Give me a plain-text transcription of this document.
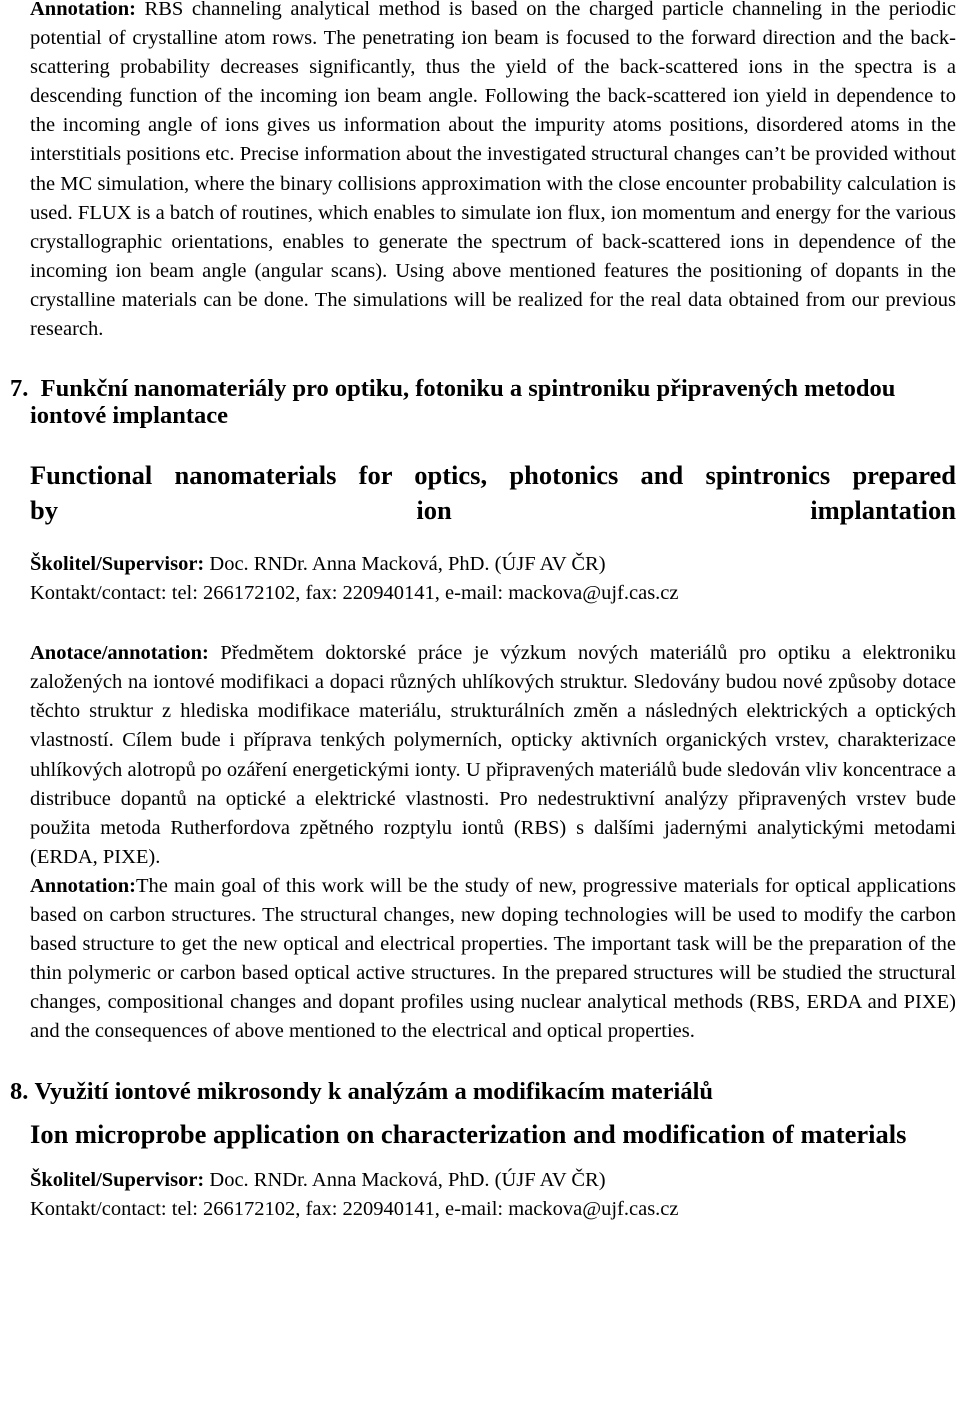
Annotation: RBS channeling analytical method is based on the charged particle channeling in the periodic potential of crystalline atom rows. The penetrating ion beam is focused to the forward direction and the back-scattering probability decreases significantly, thus the yield of the back-scattered ions in the spectra is a descending function of the incoming ion beam angle. Following the back-scattered ion yield in dependence to the incoming angle of ions gives us information about the impurity atoms positions, disordered atoms in the interstitials positions etc. Precise information about the investigated structural changes can’t be provided without the MC simulation, where the binary collisions approximation with the close encounter probability calculation is used. FLUX is a batch of routines, which enables to simulate ion flux, ion momentum and energy for the various crystallographic orientations, enables to generate the spectrum of back-scattered ions in dependence of the incoming ion beam angle (angular scans). Using above mentioned features the positioning of dopants in the crystalline materials can be done. The simulations will be realized for the real data obtained from our previous research.

7. Funkční nanomateriály pro optiku, fotoniku a spintroniku připravených metodou iontové implantace

Functional nanomaterials for optics, photonics and spintronics prepared

by ion implantation

Školitel/Supervisor: Doc. RNDr. Anna Macková, PhD. (ÚJF AV ČR)

Kontakt/contact: tel: 266172102, fax: 220940141, e-mail: mackova@ujf.cas.cz

Anotace/annotation: Předmětem doktorské práce je výzkum nových materiálů pro optiku a elektroniku založených na iontové modifikaci a dopaci různých uhlíkových struktur. Sledovány budou nové způsoby dotace těchto struktur z hlediska modifikace materiálu, strukturálních změn a následných elektrických a optických vlastností. Cílem bude i příprava tenkých polymerních, opticky aktivních organických vrstev, charakterizace uhlíkových alotropů po ozáření energetickými ionty. U připravených materiálů bude sledován vliv koncentrace a distribuce dopantů na optické a elektrické vlastnosti. Pro nedestruktivní analýzy připravených vrstev bude použita metoda Rutherfordova zpětného rozptylu iontů (RBS) s dalšími jadernými analytickými metodami (ERDA, PIXE).

Annotation:The main goal of this work will be the study of new, progressive materials for optical applications based on carbon structures. The structural changes, new doping technologies will be used to modify the carbon based structure to get the new optical and electrical properties. The important task will be the preparation of the thin polymeric or carbon based optical active structures. In the prepared structures will be studied the structural changes, compositional changes and dopant profiles using nuclear analytical methods (RBS, ERDA and PIXE) and the consequences of above mentioned to the electrical and optical properties.

8. Využití iontové mikrosondy k analýzám a modifikacím materiálů

Ion microprobe application on characterization and modification of materials

Školitel/Supervisor: Doc. RNDr. Anna Macková, PhD. (ÚJF AV ČR)

Kontakt/contact: tel: 266172102, fax: 220940141, e-mail: mackova@ujf.cas.cz
